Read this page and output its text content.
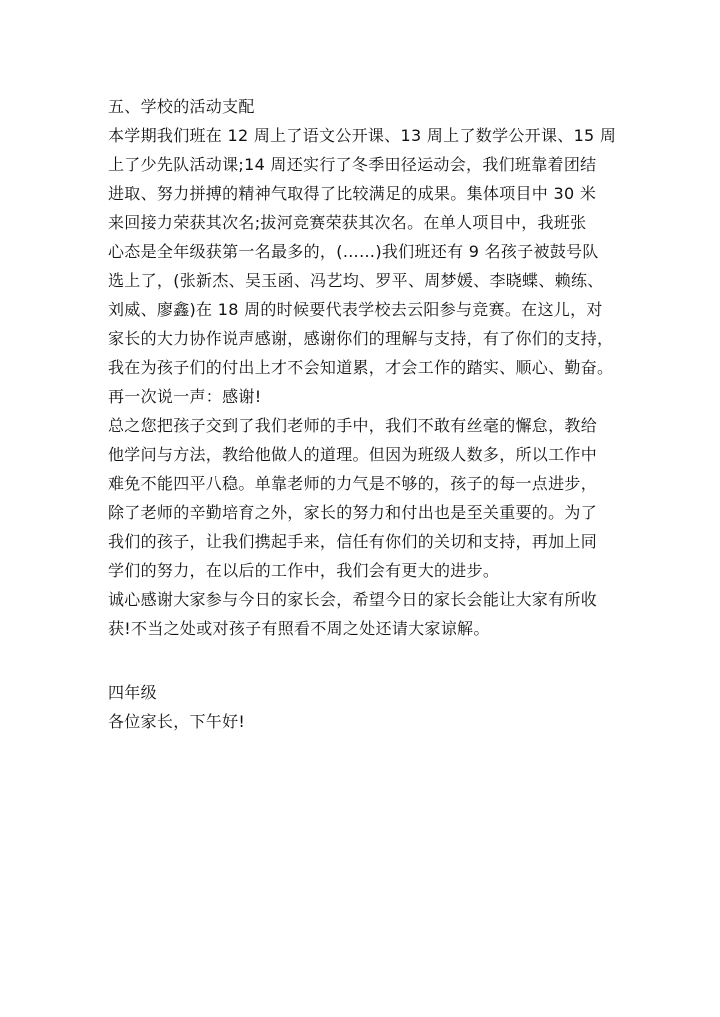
五、学校的活动支配
本学期我们班在 12 周上了语文公开课、13 周上了数学公开课、15 周
上了少先队活动课;14 周还实行了冬季田径运动会，我们班靠着团结
进取、努力拼搏的精神气取得了比较满足的成果。集体项目中 30 米
来回接力荣获其次名;拔河竞赛荣获其次名。在单人项目中，我班张
心态是全年级获第一名最多的，(……)我们班还有 9 名孩子被鼓号队
选上了，(张新杰、吴玉函、冯艺均、罗平、周梦媛、李晓蝶、赖练、
刘威、廖鑫)在 18 周的时候要代表学校去云阳参与竞赛。在这儿，对
家长的大力协作说声感谢，感谢你们的理解与支持，有了你们的支持，
我在为孩子们的付出上才不会知道累，才会工作的踏实、顺心、勤奋。
再一次说一声：感谢!
总之您把孩子交到了我们老师的手中，我们不敢有丝毫的懈怠，教给
他学问与方法，教给他做人的道理。但因为班级人数多，所以工作中
难免不能四平八稳。单靠老师的力气是不够的，孩子的每一点进步，
除了老师的辛勤培育之外，家长的努力和付出也是至关重要的。为了
我们的孩子，让我们携起手来，信任有你们的关切和支持，再加上同
学们的努力，在以后的工作中，我们会有更大的进步。
诚心感谢大家参与今日的家长会，希望今日的家长会能让大家有所收
获!不当之处或对孩子有照看不周之处还请大家谅解。
四年级
各位家长，下午好!
